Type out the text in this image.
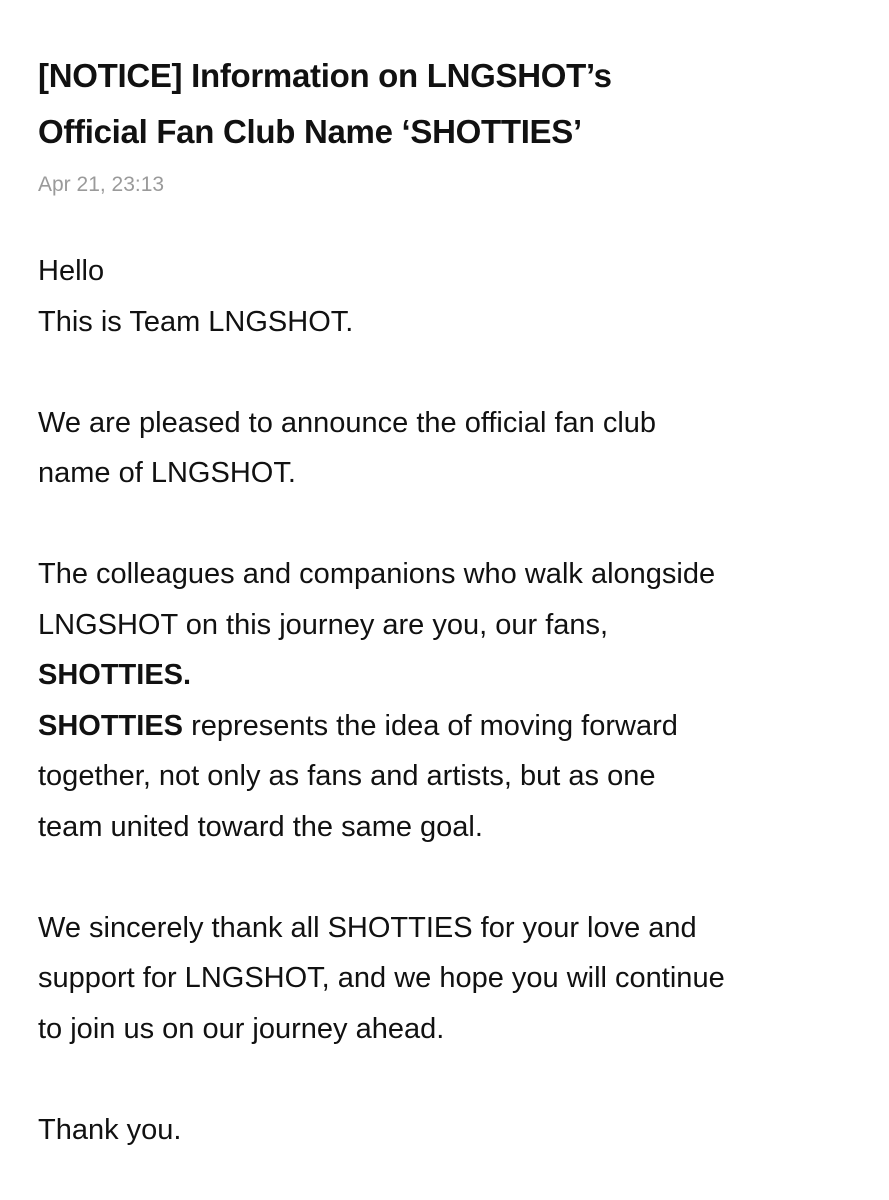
[NOTICE] Information on LNGSHOT’s
Official Fan Club Name ‘SHOTTIES’
Apr 21, 23:13

Hello
This is Team LNGSHOT.

We are pleased to announce the official fan club
name of LNGSHOT.

The colleagues and companions who walk alongside
LNGSHOT on this journey are you, our fans,
SHOTTIES.
SHOTTIES represents the idea of moving forward
together, not only as fans and artists, but as one
team united toward the same goal.

We sincerely thank all SHOTTIES for your love and
support for LNGSHOT, and we hope you will continue
to join us on our journey ahead.

Thank you.
